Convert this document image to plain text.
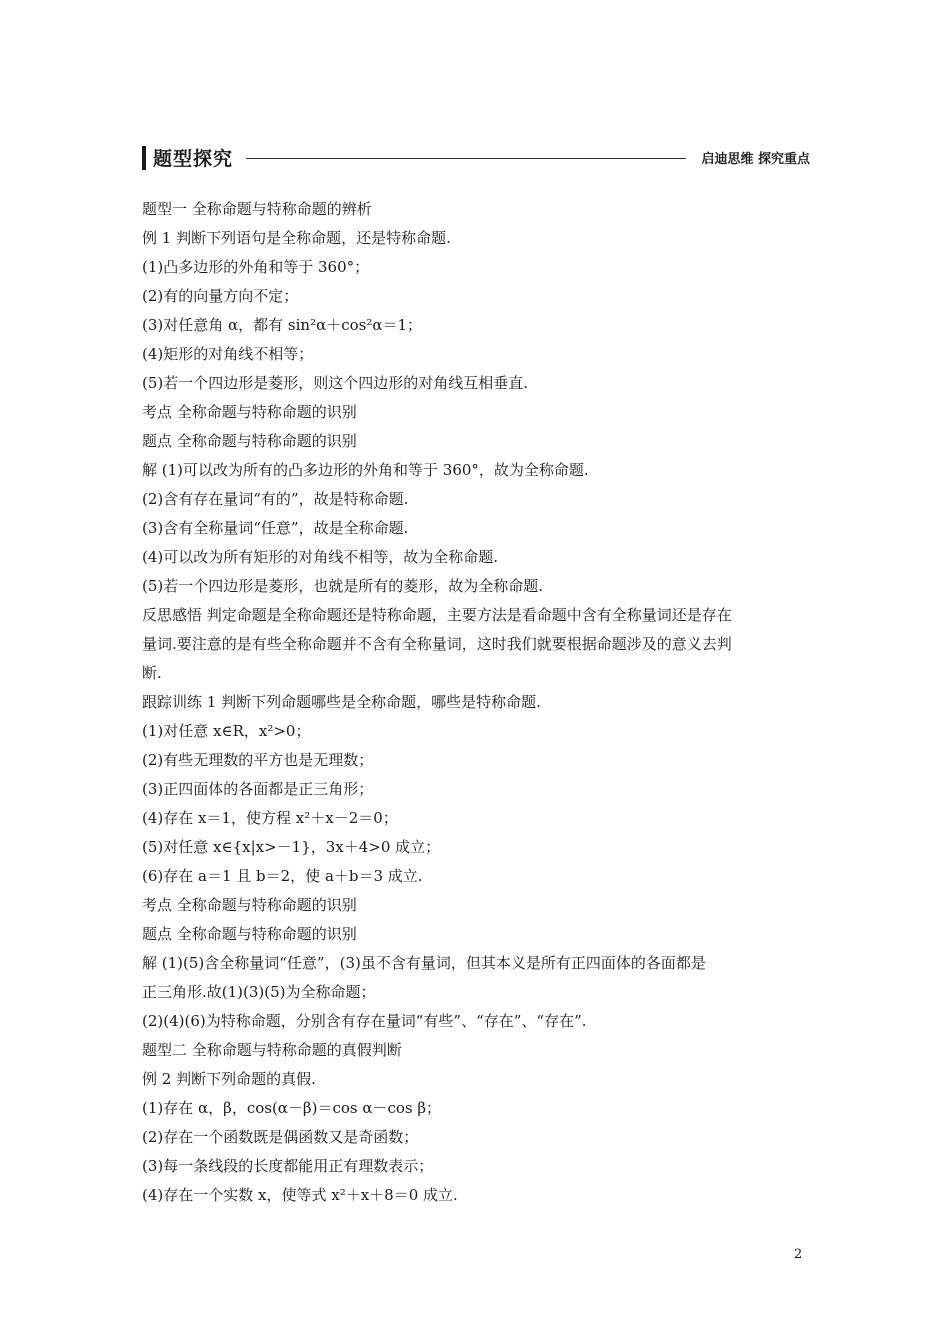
题型探究	启迪思维 探究重点
题型一 全称命题与特称命题的辨析
例 1 判断下列语句是全称命题，还是特称命题.
(1)凸多边形的外角和等于 360°；
(2)有的向量方向不定；
(3)对任意角 α，都有 sin²α＋cos²α＝1；
(4)矩形的对角线不相等；
(5)若一个四边形是菱形，则这个四边形的对角线互相垂直.
考点 全称命题与特称命题的识别
题点 全称命题与特称命题的识别
解 (1)可以改为所有的凸多边形的外角和等于 360°，故为全称命题.
(2)含有存在量词“有的”，故是特称命题.
(3)含有全称量词“任意”，故是全称命题.
(4)可以改为所有矩形的对角线不相等，故为全称命题.
(5)若一个四边形是菱形，也就是所有的菱形，故为全称命题.
反思感悟 判定命题是全称命题还是特称命题，主要方法是看命题中含有全称量词还是存在
量词.要注意的是有些全称命题并不含有全称量词，这时我们就要根据命题涉及的意义去判
断.
跟踪训练 1 判断下列命题哪些是全称命题，哪些是特称命题.
(1)对任意 x∈R，x²>0；
(2)有些无理数的平方也是无理数；
(3)正四面体的各面都是正三角形；
(4)存在 x＝1，使方程 x²＋x－2＝0；
(5)对任意 x∈{x|x>－1}，3x＋4>0 成立；
(6)存在 a＝1 且 b＝2，使 a＋b＝3 成立.
考点 全称命题与特称命题的识别
题点 全称命题与特称命题的识别
解 (1)(5)含全称量词“任意”，(3)虽不含有量词，但其本义是所有正四面体的各面都是
正三角形.故(1)(3)(5)为全称命题；
(2)(4)(6)为特称命题，分别含有存在量词“有些”、“存在”、“存在”.
题型二 全称命题与特称命题的真假判断
例 2 判断下列命题的真假.
(1)存在 α，β，cos(α－β)＝cos α－cos β；
(2)存在一个函数既是偶函数又是奇函数；
(3)每一条线段的长度都能用正有理数表示；
(4)存在一个实数 x，使等式 x²＋x＋8＝0 成立.
2
